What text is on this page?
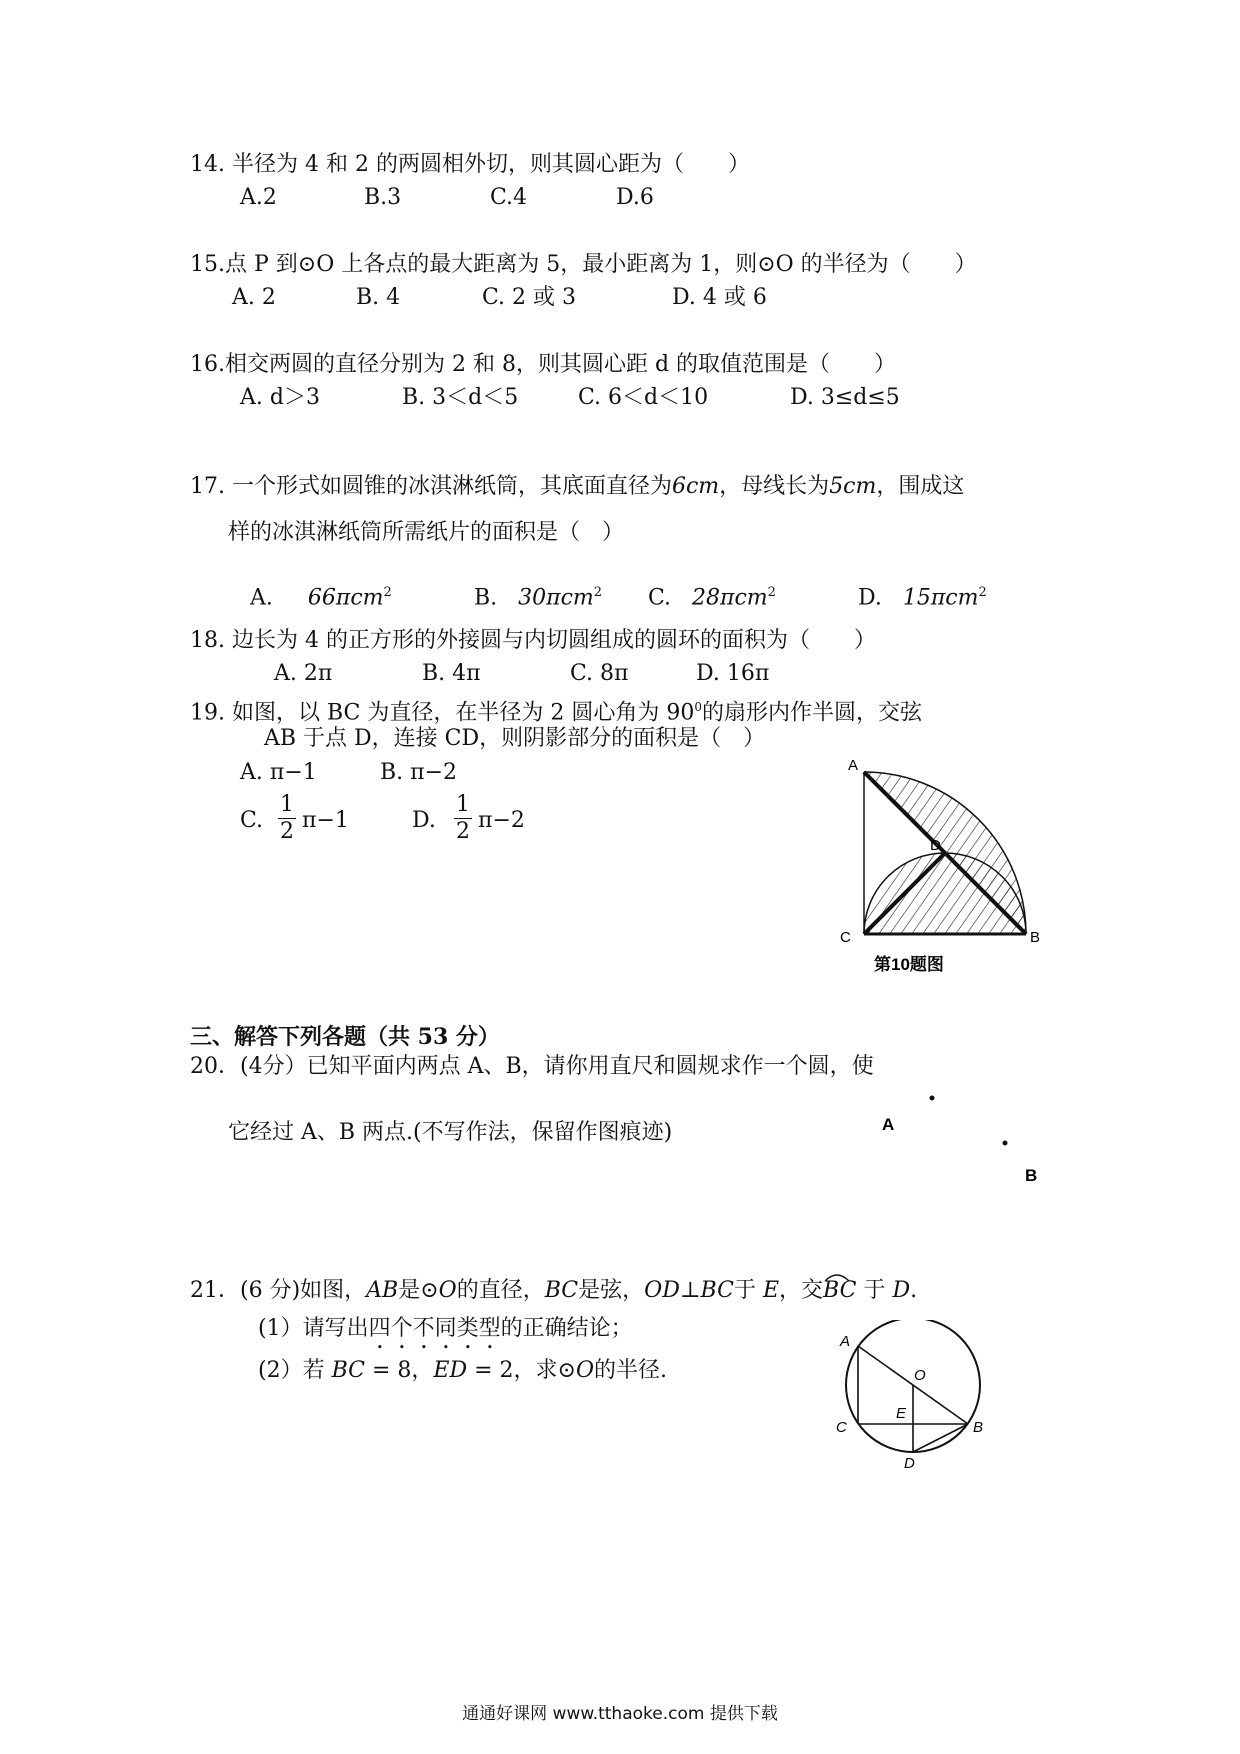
14. 半径为 4 和 2 的两圆相外切，则其圆心距为（　　）
A.2	B.3	C.4	D.6
15.点 P 到⊙O 上各点的最大距离为 5，最小距离为 1，则⊙O 的半径为（　　）
A. 2	B. 4	C. 2 或 3	D. 4 或 6
16.相交两圆的直径分别为 2 和 8，则其圆心距 d 的取值范围是（　　）
A. d＞3	B. 3＜d＜5	C. 6＜d＜10	D. 3≤d≤5
17. 一个形式如圆锥的冰淇淋纸筒，其底面直径为6cm，母线长为5cm，围成这
样的冰淇淋纸筒所需纸片的面积是（　）
A. 66πcm$^2$	B. 30πcm$^2$ C. 28πcm$^2$	D. 15πcm$^2$
18. 边长为 4 的正方形的外接圆与内切圆组成的圆环的面积为（　　）
A. 2π	B. 4π	C. 8π	D. 16π
19. 如图，以 BC 为直径，在半径为 2 圆心角为 $90^0$的扇形内作半圆，交弦
AB 于点 D，连接 CD，则阴影部分的面积是（　）
A. π−1	B. π−2
C. $\frac{1}{2} \pi-1$	D. $\frac{1}{2} \pi-2$
A
D
C	B
第10题图
三、解答下列各题（共 53 分）
20．(4分）已知平面内两点 A、B，请你用直尺和圆规求作一个圆，使
它经过 A、B 两点.(不写作法，保留作图痕迹)	A
B
21．(6 分)如图，AB是⊙O的直径，BC是弦，OD⊥BC于 E，交
BC 于 D.
(1）请写出四个不同类型的正确结论；
(2）若 BC = 8，ED = 2，求⊙O的半径.
A
O
E
C	B
D
通通好课网 www.tthaoke.com 提供下载
